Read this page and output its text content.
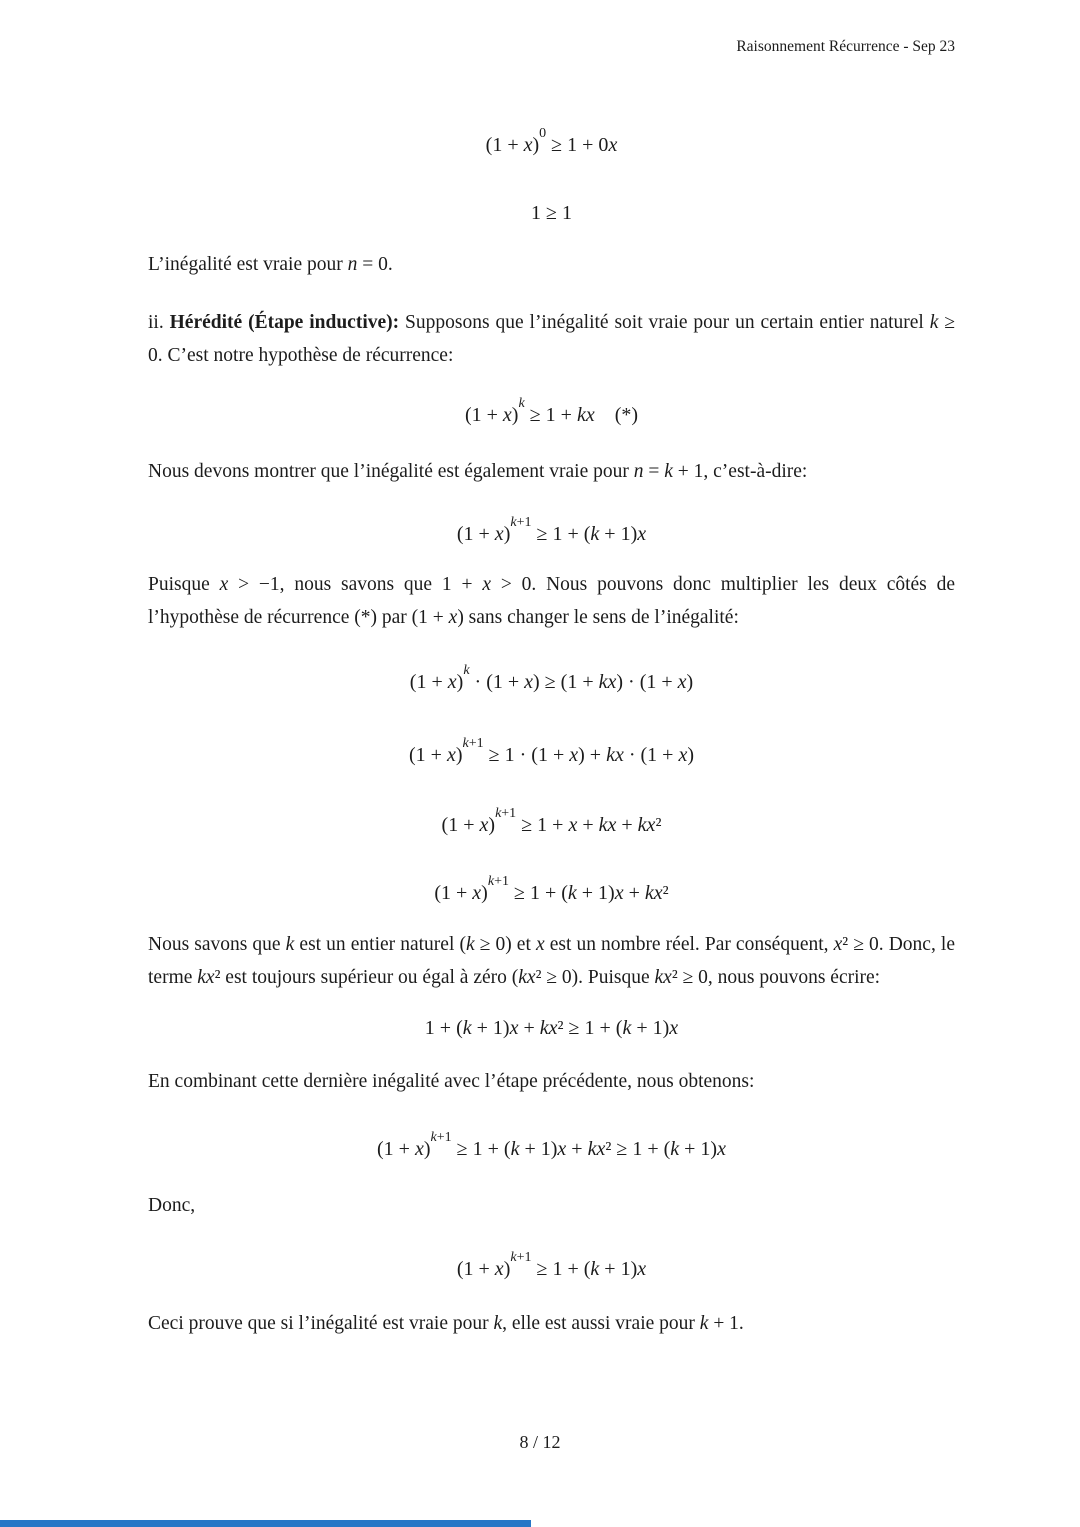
Raisonnement Récurrence - Sep 23
$(1 + x)^0 \ge 1 + 0x$
1 ≥ 1

L’inégalité est vraie pour n = 0.

ii. Hérédité (Étape inductive): Supposons que l’inégalité soit vraie pour un certain entier naturel k ≥ 0. C’est notre hypothèse de récurrence:

$(1 + x)^k \ge 1$ + kx (*)

Nous devons montrer que l’inégalité est également vraie pour n = k + 1, c’est-à-dire:

$(1 + x)^{k+1} \ge 1 + (k + 1)x$

Puisque x > −1, nous savons que 1 + x > 0. Nous pouvons donc multiplier les deux côtés de l’hypothèse de récurrence (*) par (1 + x) sans changer le sens de l’inégalité:

$(1 + x)^k \cdot (1 + x) \ge (1 + kx) \cdot (1 + x)$
$(1 + x)^{k+1} \ge 1 \cdot (1 + x)$ + kx · (1 + x)
$(1 + x)^{k+1} \ge 1 + x$ + kx + kx²
$(1 + x)^{k+1} \ge 1 + (k + 1)x + kx^2$

Nous savons que k est un entier naturel (k ≥ 0) et x est un nombre réel. Par conséquent, x² ≥ 0. Donc, le terme kx² est toujours supérieur ou égal à zéro (kx² ≥ 0). Puisque kx² ≥ 0, nous pouvons écrire:

1 + (k + 1)x + kx² ≥ 1 + (k + 1)x

En combinant cette dernière inégalité avec l’étape précédente, nous obtenons:

$(1 + x)^{k+1} \ge 1 + (k + 1)x + kx^2 \ge 1 + (k + 1)x$

Donc,

$(1 + x)^{k+1} \ge 1 + (k + 1)x$

Ceci prouve que si l’inégalité est vraie pour k, elle est aussi vraie pour k + 1.

8 / 12
